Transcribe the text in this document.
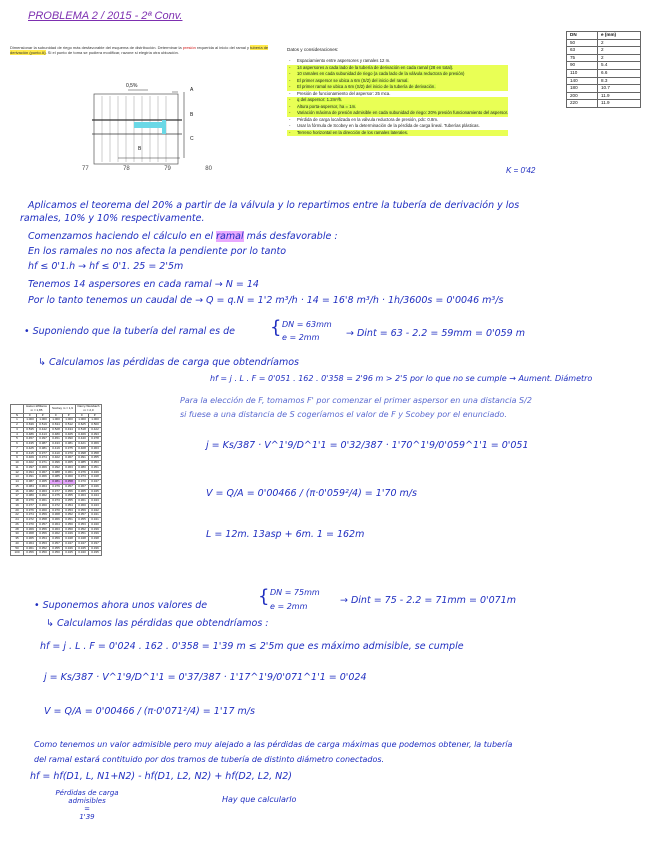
PROBLEMA 2 / 2015 - 2ª Conv.
Dimensionar la subunidad de riego más desfavorable del esquema de distribución. Determinar la presión requerida al inicio del ramal y tubería de derivación (punto A). Si el punto de toma se pudiera modificar, razone si elegiría otra ubicación.
0,5%
A
B
C
B
77	78	79	80
Datos y consideraciones:
- Espaciamiento entre aspersores y ramales 12 m.
- 14 aspersores a cada lado de la tubería de derivación en cada ramal (28 en total).
- 10 ramales en cada subunidad de riego (a cada lado de la válvula reductora de presión)
- El primer aspersor se ubica a 6m (S/2) del inicio del ramal.
- El primer ramal se ubica a 6m (S/2) del inicio de la tubería de derivación.
- Presión de funcionamiento del aspersor: 25 mca.
- q del aspersor: 1.2m³/h.
- Altura porta-aspersor, ha = 1m.
- Variación máxima de presión admisible en cada subunidad de riego: 20% presión funcionamiento del aspersor.
- Pérdida de carga localizada en la válvula reductora de presión, pdc: 0.8m.
- Usar la fórmula de Scobey en la determinación de la pérdida de carga lineal. Tuberías plásticas.
- Terreno horizontal en la dirección de los ramales laterales.
K = 0'42
DN	e (mm)
50	2
63	2
75	2
90	5.4
110	6.6
140	8.3
180	10.7
200	11.9
220	11.9
Aplicamos el teorema del 20% a partir de la válvula y lo repartimos entre la tubería de derivación y los
ramales, 10% y 10% respectivamente.
Comenzamos haciendo el cálculo en el ramal más desfavorable :
En los ramales no nos afecta la pendiente por lo tanto
hf ≤ 0'1.h → hf ≤ 0'1. 25 = 2'5m
Tenemos 14 aspersores en cada ramal → N = 14
Por lo tanto tenemos un caudal de → Q = q.N = 1'2 m³/h · 14 = 16'8 m³/h · 1h/3600s = 0'0046 m³/s
• Suponiendo que la tubería del ramal es de { DN = 63mm
e = 2mm	→ Dint = 63 - 2.2 = 59mm = 0'059 m
↳ Calculamos las pérdidas de carga que obtendríamos
hf = j . L . F = 0'051 . 162 . 0'358 = 2'96 m > 2'5 por lo que no se cumple → Aument. Diámetro
Para la elección de F, tomamos F' por comenzar el primer aspersor en una distancia S/2
si fuese a una distancia de S cogeríamos el valor de F y Scobey por el enunciado.
	Hazen-Williams m = 1,85		Scobey m = 1,9		Darcy-Weisbach m = 2,0	
N	F	F'	F	F'	F	F'
1	1.000	1.000	1.000	1.000	1.000	1.000
2	0.639	0.519	0.634	0.512	0.625	0.500
3	0.535	0.442	0.528	0.434	0.518	0.422
4	0.486	0.413	0.480	0.405	0.469	0.393
5	0.457	0.397	0.451	0.390	0.440	0.378
6	0.435	0.387	0.433	0.381	0.421	0.369
7	0.425	0.381	0.419	0.375	0.408	0.363
8	0.415	0.377	0.410	0.370	0.398	0.358
9	0.409	0.374	0.402	0.367	0.391	0.355
10	0.402	0.371	0.396	0.365	0.385	0.353
11	0.397	0.369	0.392	0.363	0.380	0.351
12	0.394	0.367	0.388	0.361	0.376	0.349
13	0.391	0.366	0.385	0.360	0.373	0.348
14	0.387	0.365	0.381	0.358	0.370	0.347
15	0.384	0.364	0.379	0.357	0.367	0.346
16	0.382	0.363	0.377	0.356	0.365	0.345
17	0.380	0.362	0.375	0.355	0.363	0.344
18	0.379	0.361	0.373	0.355	0.361	0.343
19	0.377	0.360	0.372	0.354	0.360	0.343
20	0.376	0.360	0.370	0.353	0.359	0.342
22	0.374	0.359	0.368	0.352	0.357	0.341
24	0.372	0.358	0.366	0.351	0.355	0.341
26	0.370	0.357	0.364	0.350	0.353	0.340
28	0.369	0.356	0.363	0.350	0.352	0.339
30	0.368	0.356	0.362	0.349	0.351	0.339
35	0.365	0.354	0.359	0.348	0.348	0.338
40	0.364	0.353	0.357	0.347	0.347	0.337
50	0.361	0.352	0.355	0.346	0.345	0.336
100	0.356	0.350	0.350	0.345	0.340	0.335
j = Ks/387 · V^1'9/D^1'1 = 0'32/387 · 1'70^1'9/0'059^1'1 = 0'051
V = Q/A = 0'00466 / (π·0'059²/4) = 1'70 m/s
L = 12m. 13asp + 6m. 1 = 162m
• Suponemos ahora unos valores de	{ DN = 75mm
e = 2mm
→ Dint = 75 - 2.2 = 71mm = 0'071m
↳ Calculamos las pérdidas que obtendríamos :
hf = j . L . F = 0'024 . 162 . 0'358 = 1'39 m ≤ 2'5m que es máximo admisible, se cumple
j = Ks/387 · V^1'9/D^1'1 = 0'37/387 · 1'17^1'9/0'071^1'1 = 0'024
V = Q/A = 0'00466 / (π·0'071²/4) = 1'17 m/s
Como tenemos un valor admisible pero muy alejado a las pérdidas de carga máximas que podemos obtener, la tubería
del ramal estará contituido por dos tramos de tubería de distinto diámetro conectados.
hf = hf(D1, L, N1+N2) - hf(D1, L2, N2) + hf(D2, L2, N2)
Pérdidas de carga admisibles
=
1'39
Hay que calcularlo
